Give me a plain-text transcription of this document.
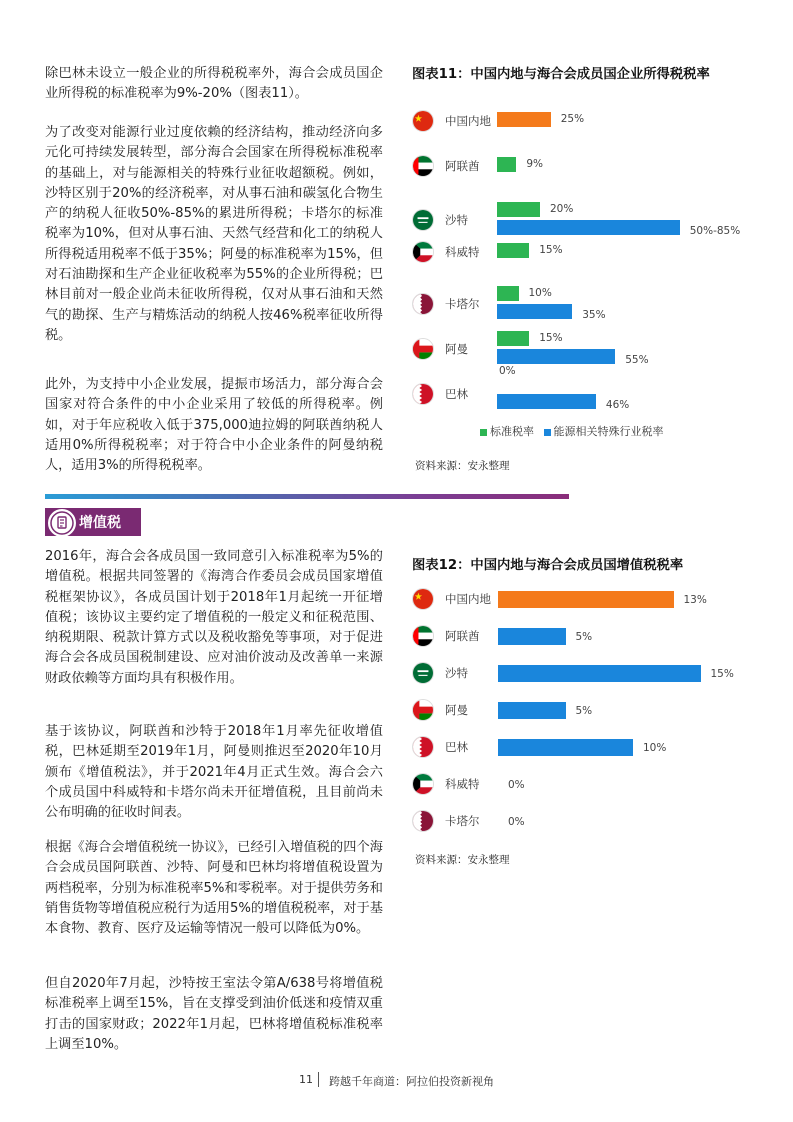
除巴林未设立一般企业的所得税税率外，海合会成员国企业所得税的标准税率为9%-20%（图表11）。

为了改变对能源行业过度依赖的经济结构，推动经济向多元化可持续发展转型，部分海合会国家在所得税标准税率的基础上，对与能源相关的特殊行业征收超额税。例如，沙特区别于20%的经济税率，对从事石油和碳氢化合物生产的纳税人征收50%-85%的累进所得税；卡塔尔的标准税率为10%，但对从事石油、天然气经营和化工的纳税人所得税适用税率不低于35%；阿曼的标准税率为15%，但对石油勘探和生产企业征收税率为55%的企业所得税；巴林目前对一般企业尚未征收所得税，仅对从事石油和天然气的勘探、生产与精炼活动的纳税人按46%税率征收所得税。

此外，为支持中小企业发展，提振市场活力，部分海合会国家对符合条件的中小企业采用了较低的所得税率。例如，对于年应税收入低于375,000迪拉姆的阿联酋纳税人适用0%所得税税率；对于符合中小企业条件的阿曼纳税人，适用3%的所得税税率。

图表11：中国内地与海合会成员国企业所得税税率

中国内地	25%
阿联酋	9%
沙特
20%
50%-85%
科威特	15%
卡塔尔
10%
35%
阿曼
15%
55%
巴林
0%
46%
标准税率 能源相关特殊行业税率
资料来源：安永整理
增值税

2016年，海合会各成员国一致同意引入标准税率为5%的增值税。根据共同签署的《海湾合作委员会成员国家增值税框架协议》，各成员国计划于2018年1月起统一开征增值税；该协议主要约定了增值税的一般定义和征税范围、纳税期限、税款计算方式以及税收豁免等事项，对于促进海合会各成员国税制建设、应对油价波动及改善单一来源财政依赖等方面均具有积极作用。

基于该协议，阿联酋和沙特于2018年1月率先征收增值税，巴林延期至2019年1月，阿曼则推迟至2020年10月颁布《增值税法》，并于2021年4月正式生效。海合会六个成员国中科威特和卡塔尔尚未开征增值税，且目前尚未公布明确的征收时间表。

根据《海合会增值税统一协议》，已经引入增值税的四个海合会成员国阿联酋、沙特、阿曼和巴林均将增值税设置为两档税率，分别为标准税率5%和零税率。对于提供劳务和销售货物等增值税应税行为适用5%的增值税税率，对于基本食物、教育、医疗及运输等情况一般可以降低为0%。

但自2020年7月起，沙特按王室法令第A/638号将增值税标准税率上调至15%，旨在支撑受到油价低迷和疫情双重打击的国家财政；2022年1月起，巴林将增值税标准税率上调至10%。

图表12：中国内地与海合会成员国增值税税率

中国内地	13%
阿联酋	5%
沙特	15%
阿曼	5%
巴林	10%
科威特	0%
卡塔尔	0%
资料来源：安永整理
11 跨越千年商道：阿拉伯投资新视角
